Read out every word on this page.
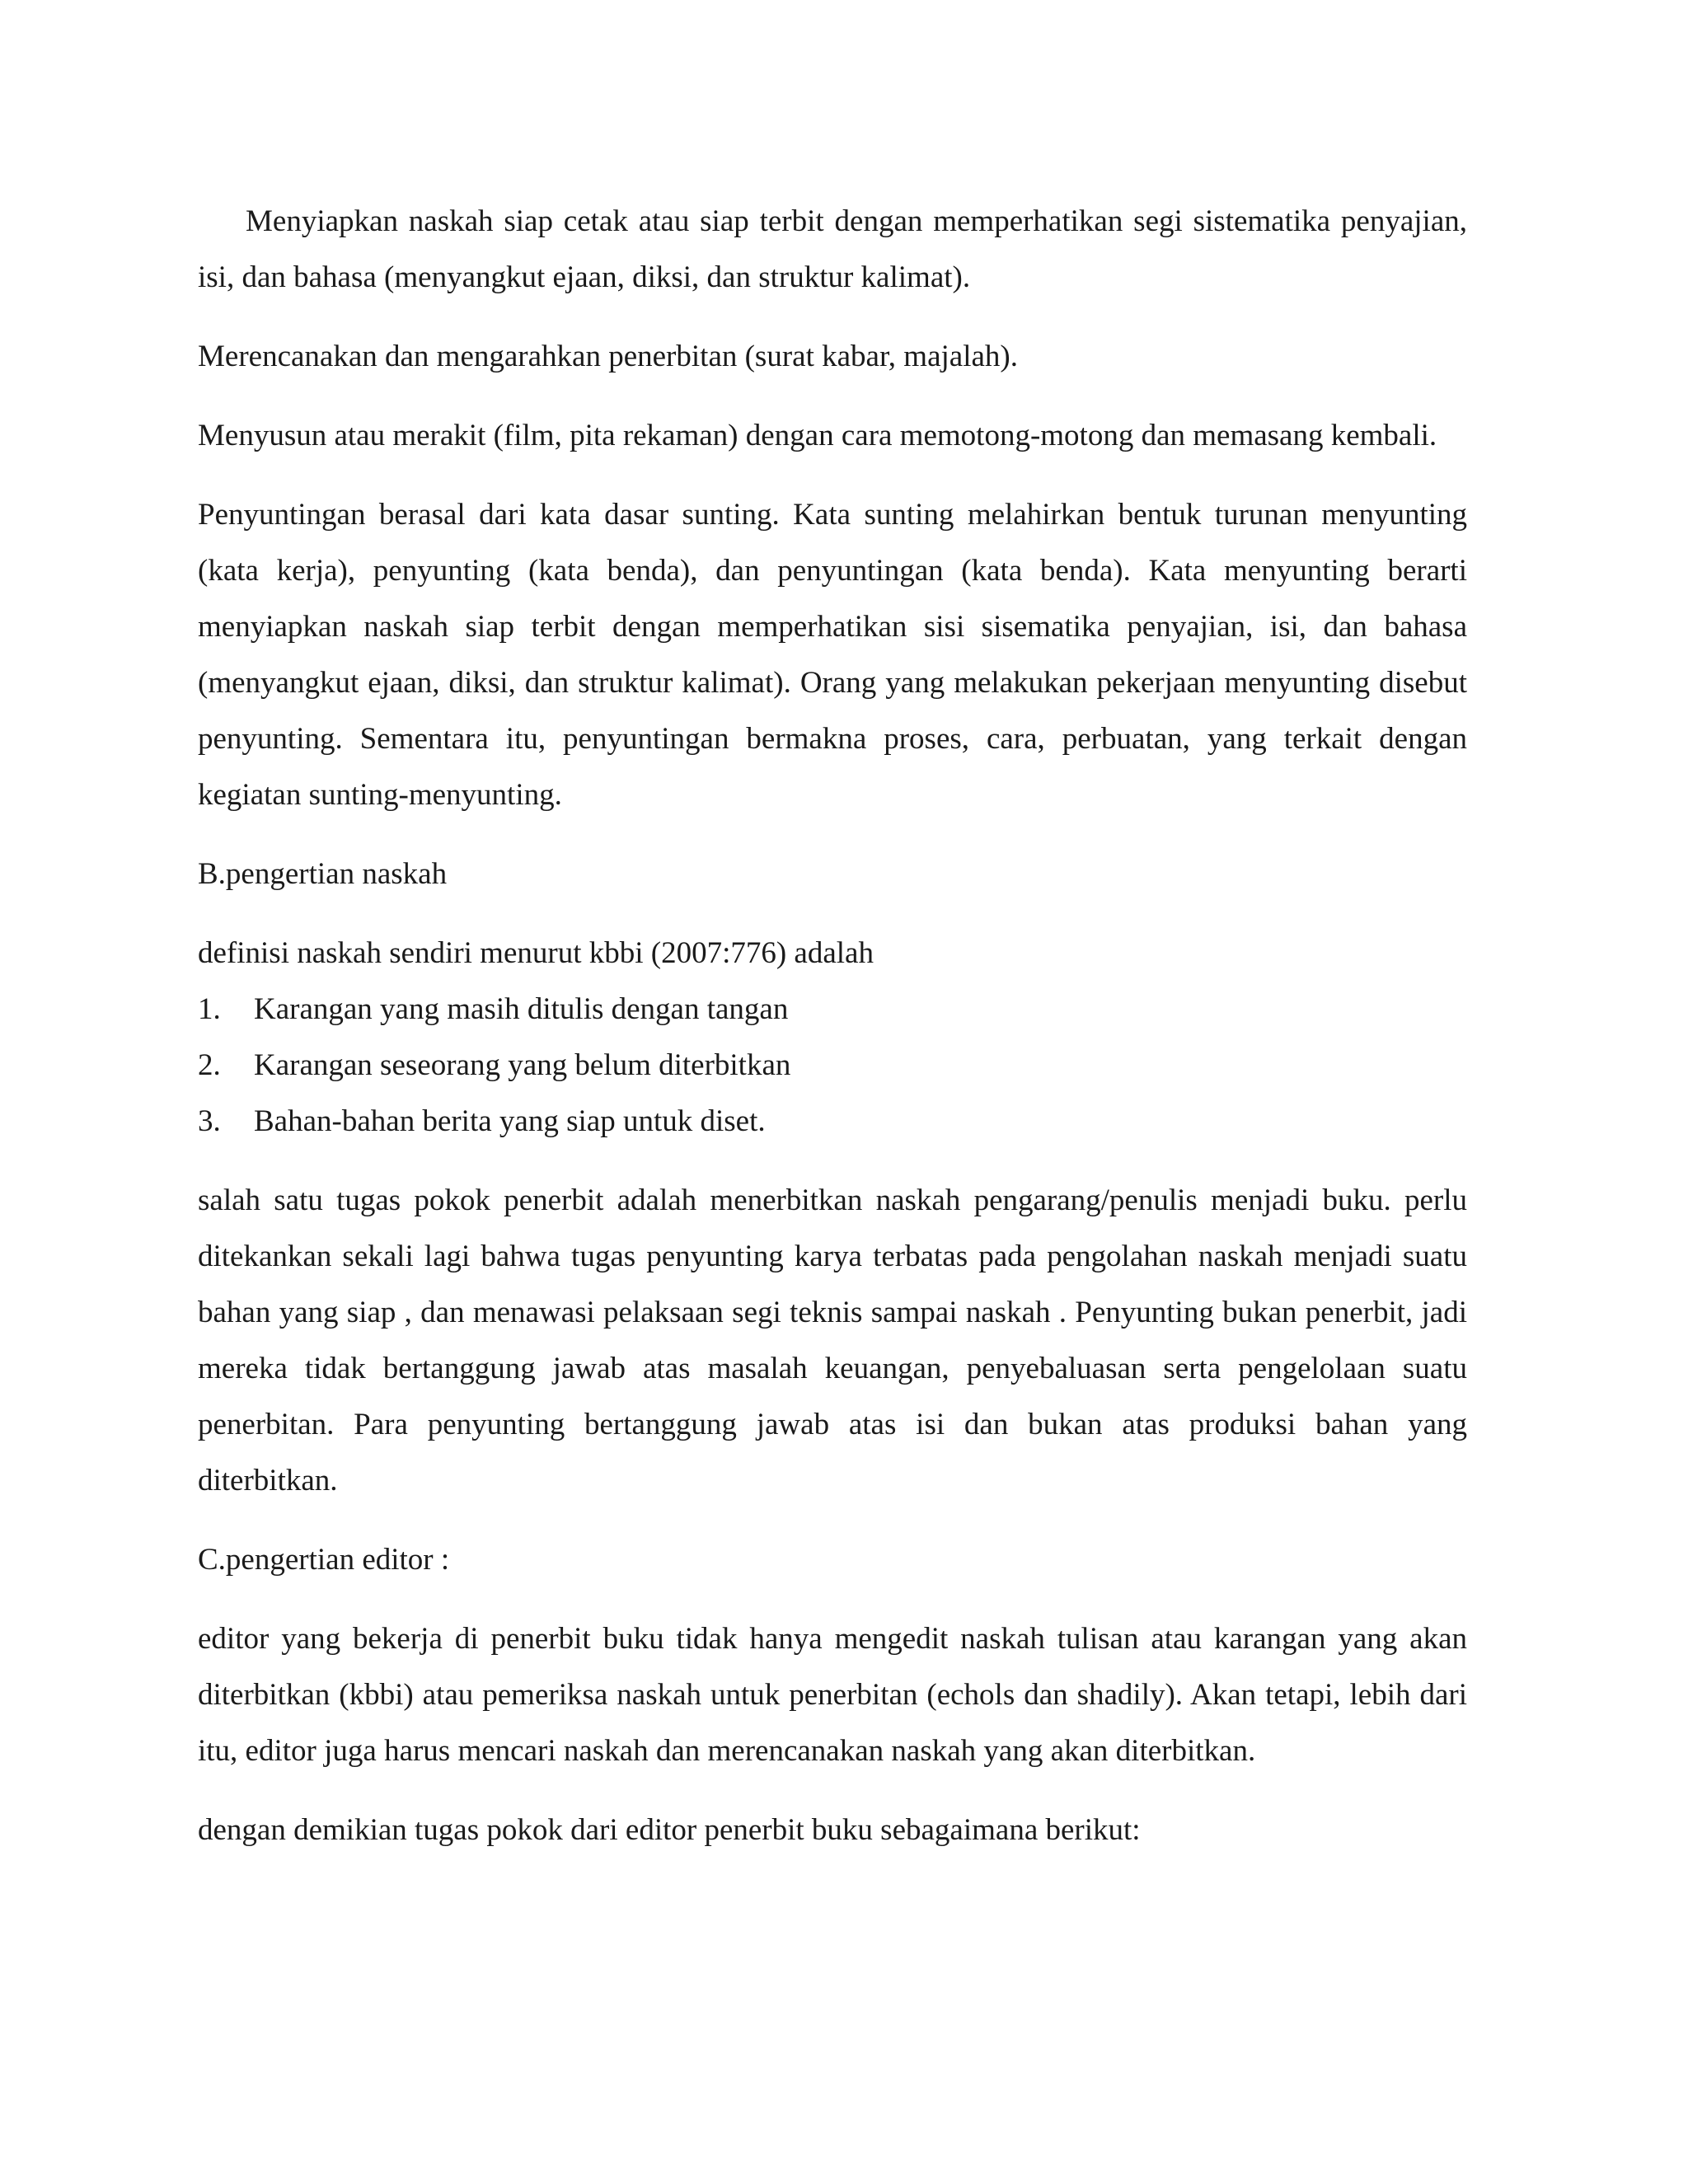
Menyiapkan naskah siap cetak atau siap terbit dengan memperhatikan segi sistematika penyajian, isi, dan bahasa (menyangkut ejaan, diksi, dan struktur kalimat).

Merencanakan dan mengarahkan penerbitan (surat kabar, majalah).

Menyusun atau merakit (film, pita rekaman) dengan cara memotong-motong dan memasang kembali.

Penyuntingan berasal dari kata dasar sunting. Kata sunting melahirkan bentuk turunan menyunting (kata kerja), penyunting (kata benda), dan penyuntingan (kata benda). Kata menyunting berarti menyiapkan naskah siap terbit dengan memperhatikan sisi sisematika penyajian, isi, dan bahasa (menyangkut ejaan, diksi, dan struktur kalimat). Orang yang melakukan pekerjaan menyunting disebut penyunting. Sementara itu, penyuntingan bermakna proses, cara, perbuatan, yang terkait dengan kegiatan sunting-menyunting.

B.pengertian naskah

definisi naskah sendiri menurut kbbi (2007:776) adalah

1.	Karangan yang masih ditulis dengan tangan
2.	Karangan seseorang yang belum diterbitkan
3.	Bahan-bahan berita yang siap untuk diset.

salah satu tugas pokok penerbit adalah menerbitkan naskah pengarang/penulis menjadi buku. perlu ditekankan sekali lagi bahwa tugas penyunting karya terbatas pada pengolahan naskah menjadi suatu bahan yang siap , dan menawasi pelaksaan segi teknis sampai naskah . Penyunting bukan penerbit, jadi mereka tidak bertanggung jawab atas masalah keuangan, penyebaluasan serta pengelolaan suatu penerbitan. Para penyunting bertanggung jawab atas isi dan bukan atas produksi bahan yang diterbitkan.

C.pengertian editor :

editor yang bekerja di penerbit buku tidak hanya mengedit naskah tulisan atau karangan yang akan diterbitkan (kbbi) atau pemeriksa naskah untuk penerbitan (echols dan shadily). Akan tetapi, lebih dari itu, editor juga harus mencari naskah dan merencanakan naskah yang akan diterbitkan.

dengan demikian tugas pokok dari editor penerbit buku sebagaimana berikut:
